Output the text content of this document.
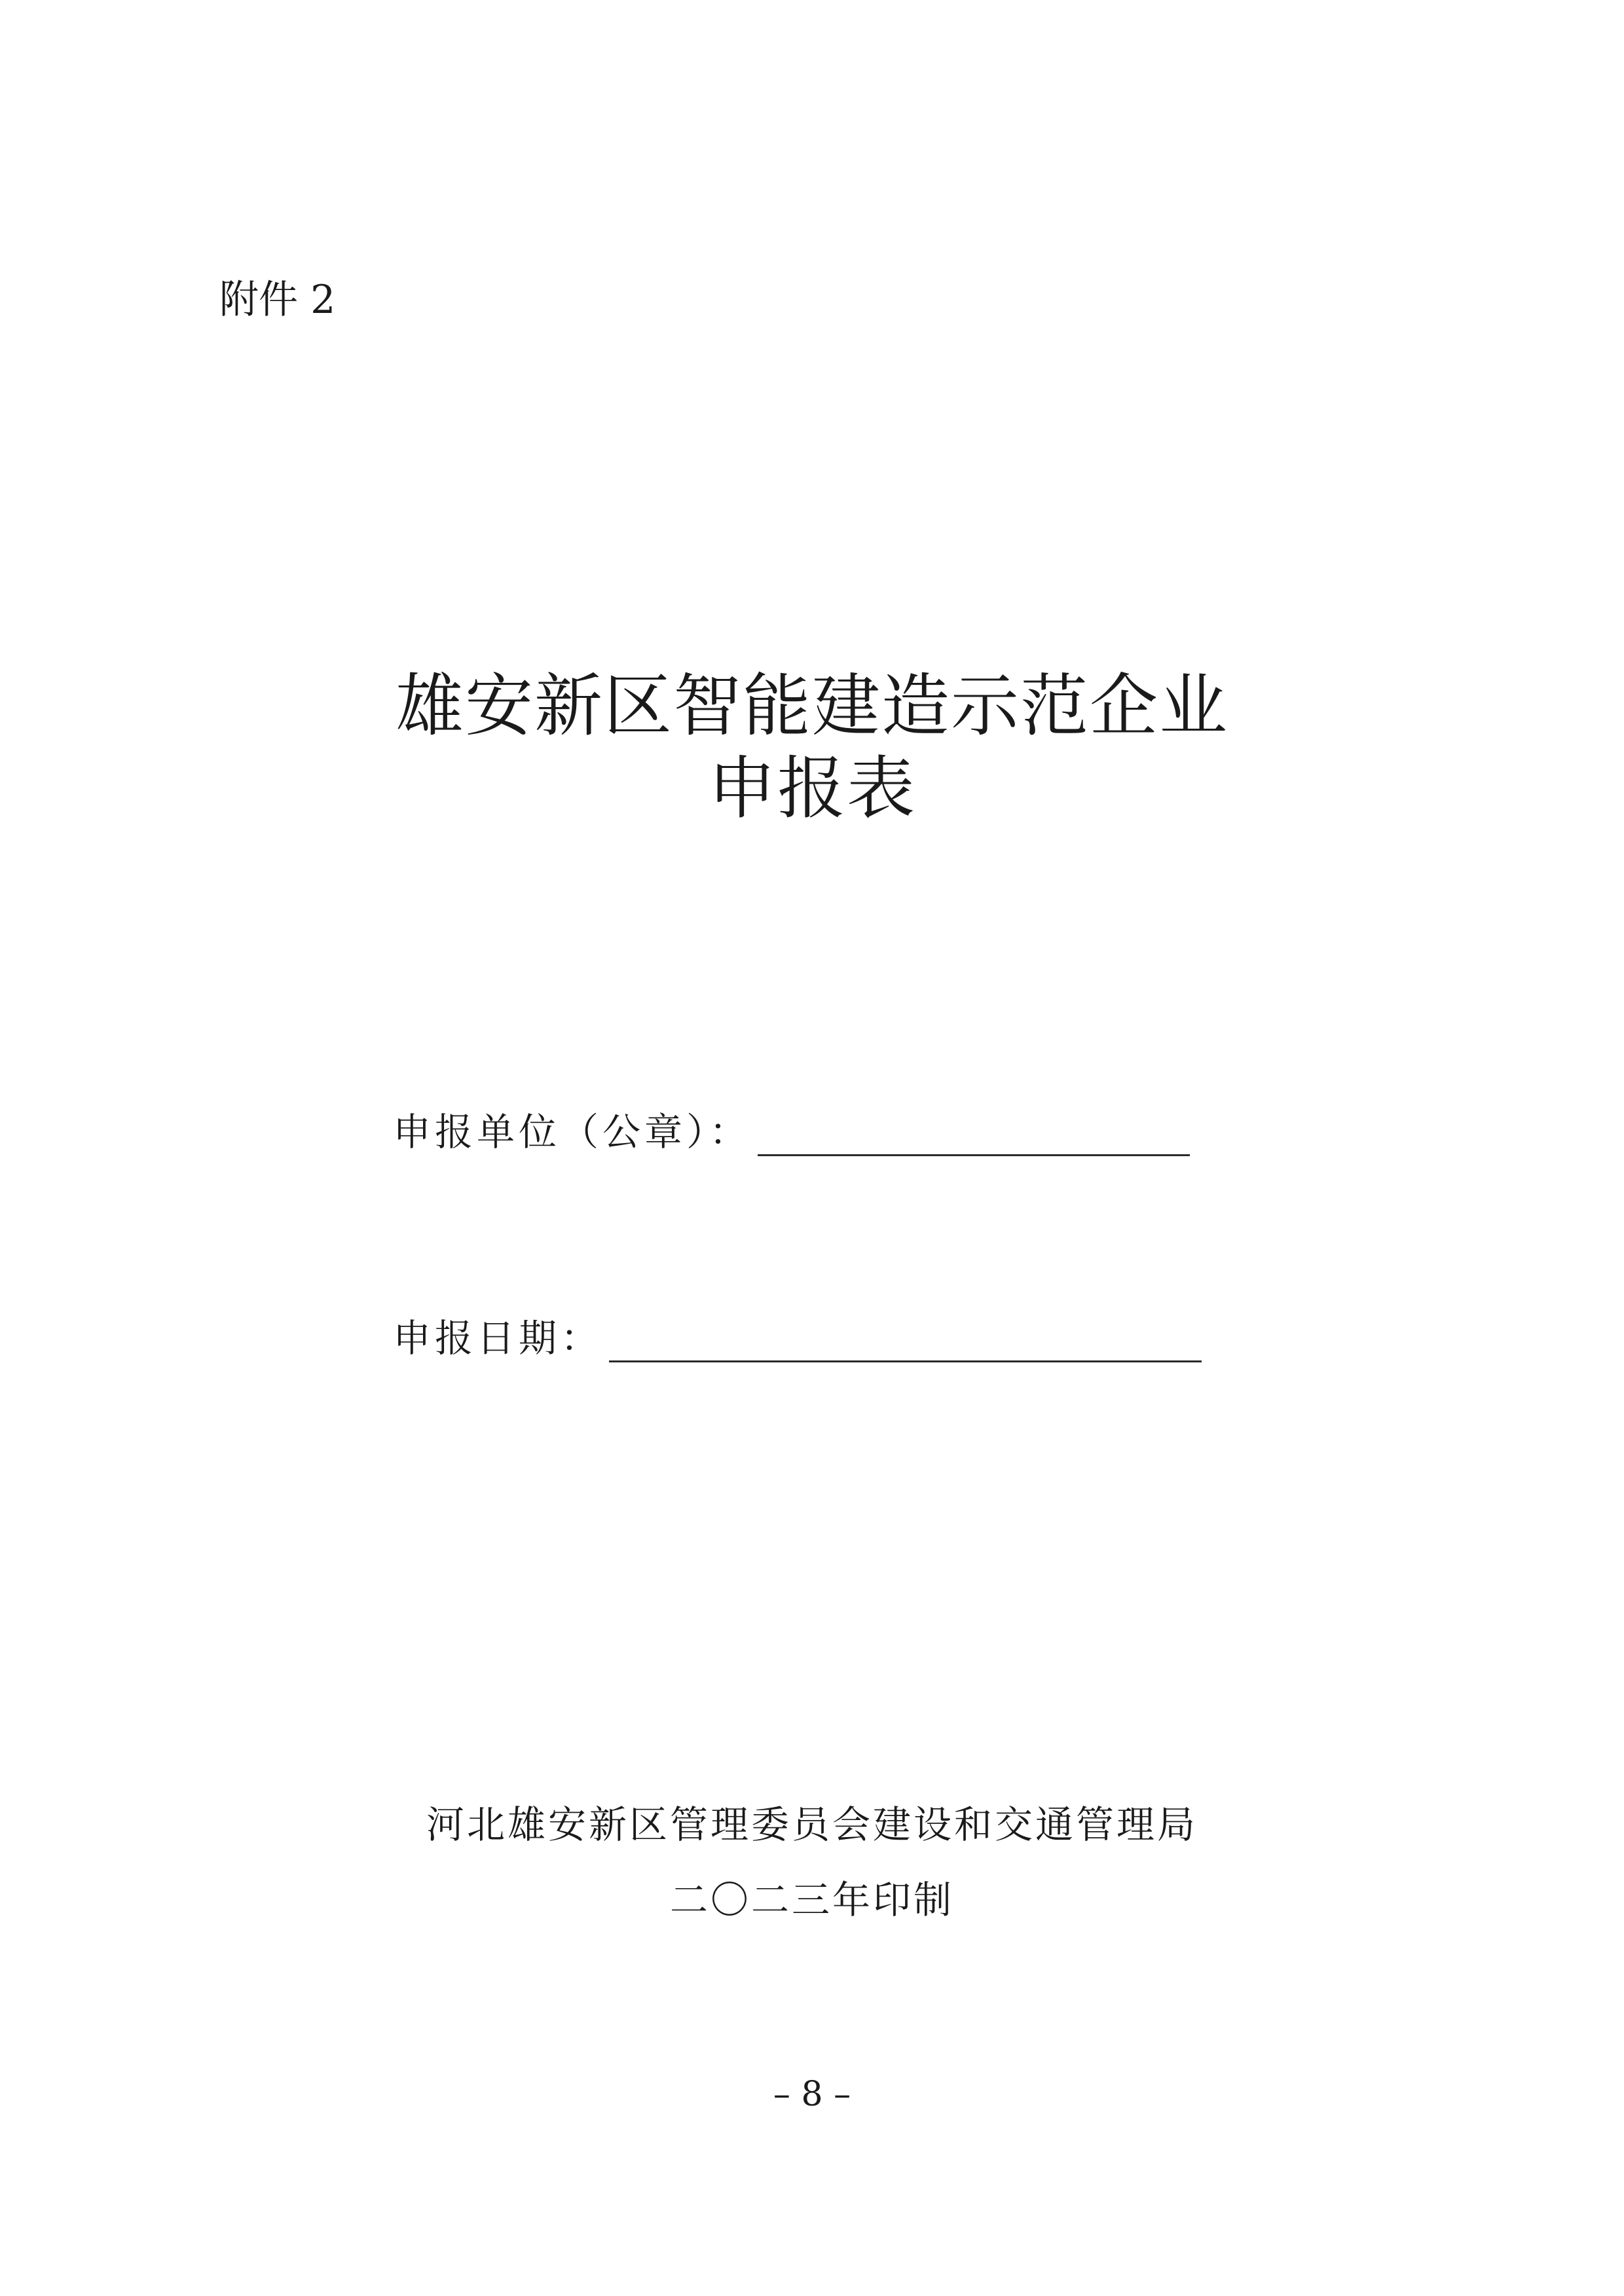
附件 2
雄安新区智能建造示范企业
申报表
申报单位（公章）：
申报日期：
河北雄安新区管理委员会建设和交通管理局
二〇二三年印制
– 8 –
